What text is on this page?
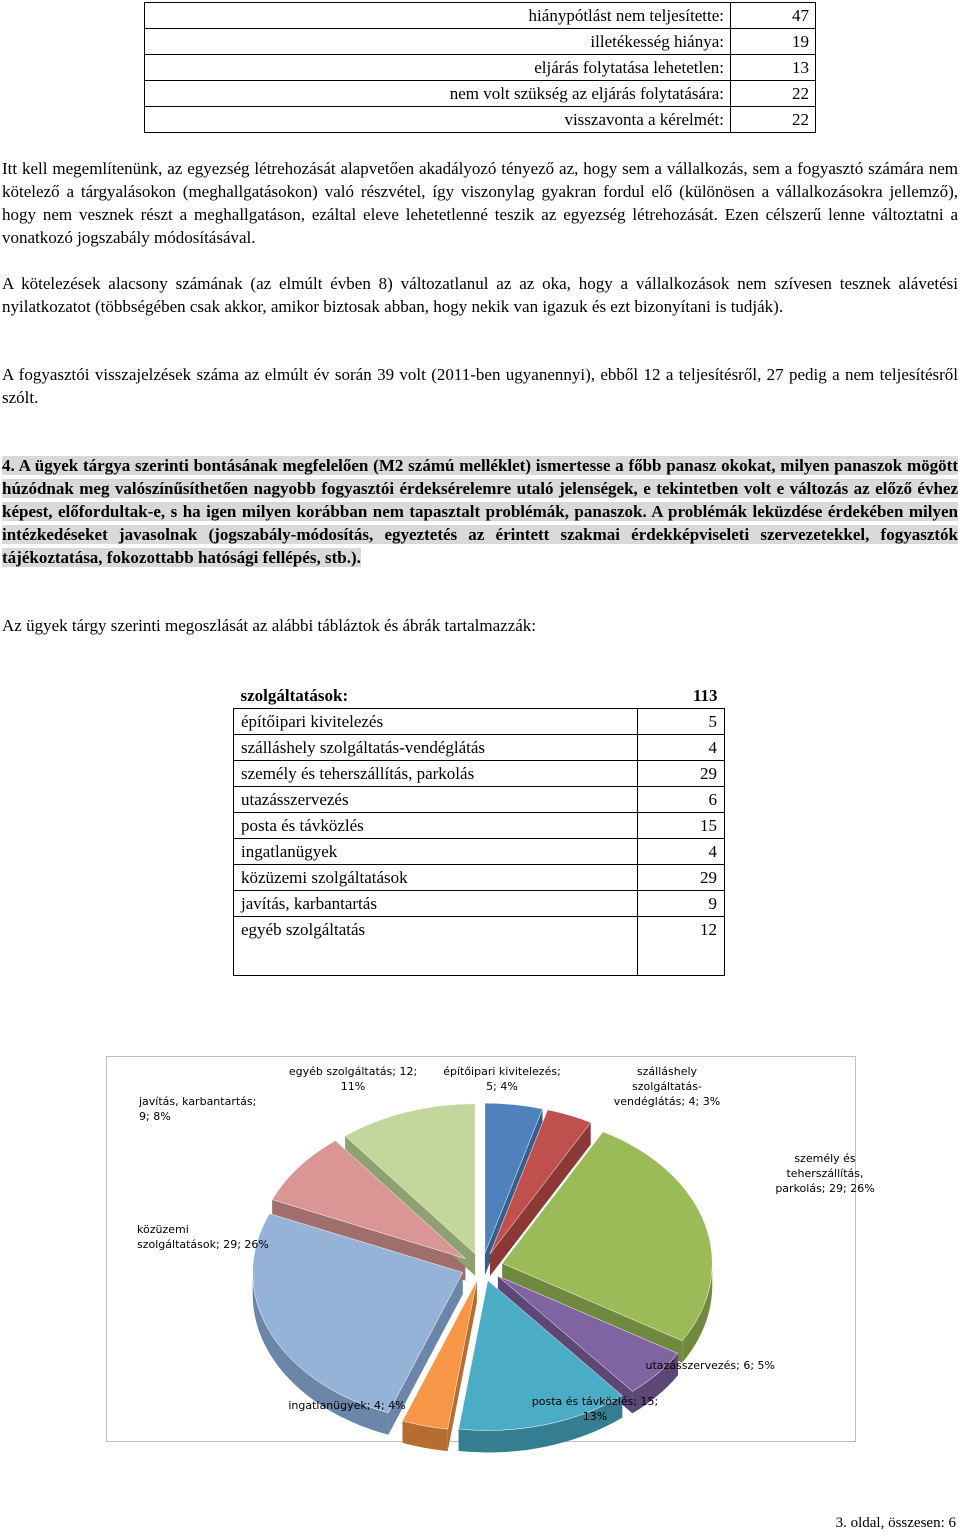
hiánypótlást nem teljesítette:	47
illetékesség hiánya:	19
eljárás folytatása lehetetlen:	13
nem volt szükség az eljárás folytatására:	22
visszavonta a kérelmét:	22

Itt kell megemlítenünk, az egyezség létrehozását alapvetően akadályozó tényező az, hogy sem a vállalkozás, sem a fogyasztó számára nem kötelező a tárgyalásokon (meghallgatásokon) való részvétel, így viszonylag gyakran fordul elő (különösen a vállalkozásokra jellemző), hogy nem vesznek részt a meghallgatáson, ezáltal eleve lehetetlenné teszik az egyezség létrehozását. Ezen célszerű lenne változtatni a vonatkozó jogszabály módosításával.

A kötelezések alacsony számának (az elmúlt évben 8) változatlanul az az oka, hogy a vállalkozások nem szívesen tesznek alávetési nyilatkozatot (többségében csak akkor, amikor biztosak abban, hogy nekik van igazuk és ezt bizonyítani is tudják).

A fogyasztói visszajelzések száma az elmúlt év során 39 volt (2011-ben ugyanennyi), ebből 12 a teljesítésről, 27 pedig a nem teljesítésről szólt.

4. A ügyek tárgya szerinti bontásának megfelelően (M2 számú melléklet) ismertesse a főbb panasz okokat, milyen panaszok mögött húzódnak meg valószínűsíthetően nagyobb fogyasztói érdeksérelemre utaló jelenségek, e tekintetben volt e változás az előző évhez képest, előfordultak-e, s ha igen milyen korábban nem tapasztalt problémák, panaszok. A problémák leküzdése érdekében milyen intézkedéseket javasolnak (jogszabály-módosítás, egyeztetés az érintett szakmai érdekképviseleti szervezetekkel, fogyasztók tájékoztatása, fokozottabb hatósági fellépés, stb.).

Az ügyek tárgy szerinti megoszlását az alábbi tábláztok és ábrák tartalmazzák:

szolgáltatások:	113
építőipari kivitelezés	5
szálláshely szolgáltatás-vendéglátás	4
személy és teherszállítás, parkolás	29
utazásszervezés	6
posta és távközlés	15
ingatlanügyek	4
közüzemi szolgáltatások	29
javítás, karbantartás	9
egyéb szolgáltatás	12
építőipari kivitelezés; 5; 4%
szálláshely szolgáltatás-vendéglátás; 4; 3%
személy és teherszállítás, parkolás; 29; 26%
utazásszervezés; 6; 5%
posta és távközlés; 15; 13%
ingatlanügyek; 4; 4%
közüzemi szolgáltatások; 29; 26%
javítás, karbantartás; 9; 8%
egyéb szolgáltatás; 12; 11%
3. oldal, összesen: 6
